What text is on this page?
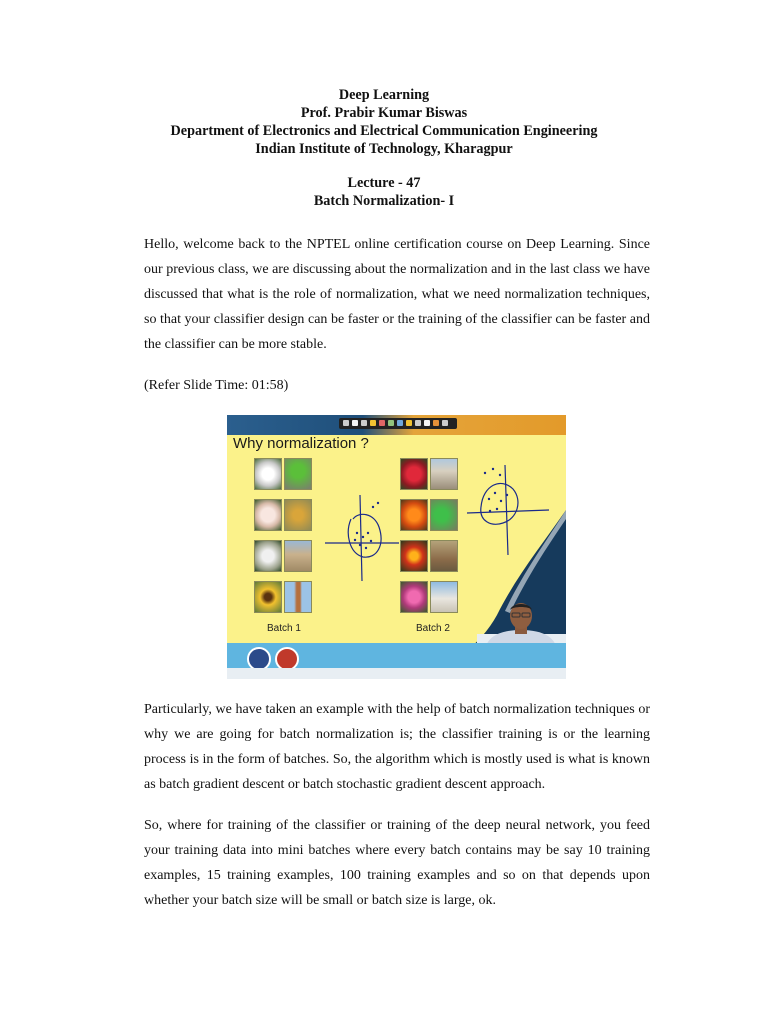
Deep Learning
Prof. Prabir Kumar Biswas
Department of Electronics and Electrical Communication Engineering
Indian Institute of Technology, Kharagpur
Lecture - 47
Batch Normalization- I
Hello, welcome back to the NPTEL online certification course on Deep Learning. Since our previous class, we are discussing about the normalization and in the last class we have discussed that what is the role of normalization, what we need normalization techniques, so that your classifier design can be faster or the training of the classifier can be faster and the classifier can be more stable.
(Refer Slide Time: 01:58)
Why normalization ?
Batch 1	Batch 2
Particularly, we have taken an example with the help of batch normalization techniques or why we are going for batch normalization is; the classifier training is or the learning process is in the form of batches. So, the algorithm which is mostly used is what is known as batch gradient descent or batch stochastic gradient descent approach.
So, where for training of the classifier or training of the deep neural network, you feed your training data into mini batches where every batch contains may be say 10 training examples, 15 training examples, 100 training examples and so on that depends upon whether your batch size will be small or batch size is large, ok.
